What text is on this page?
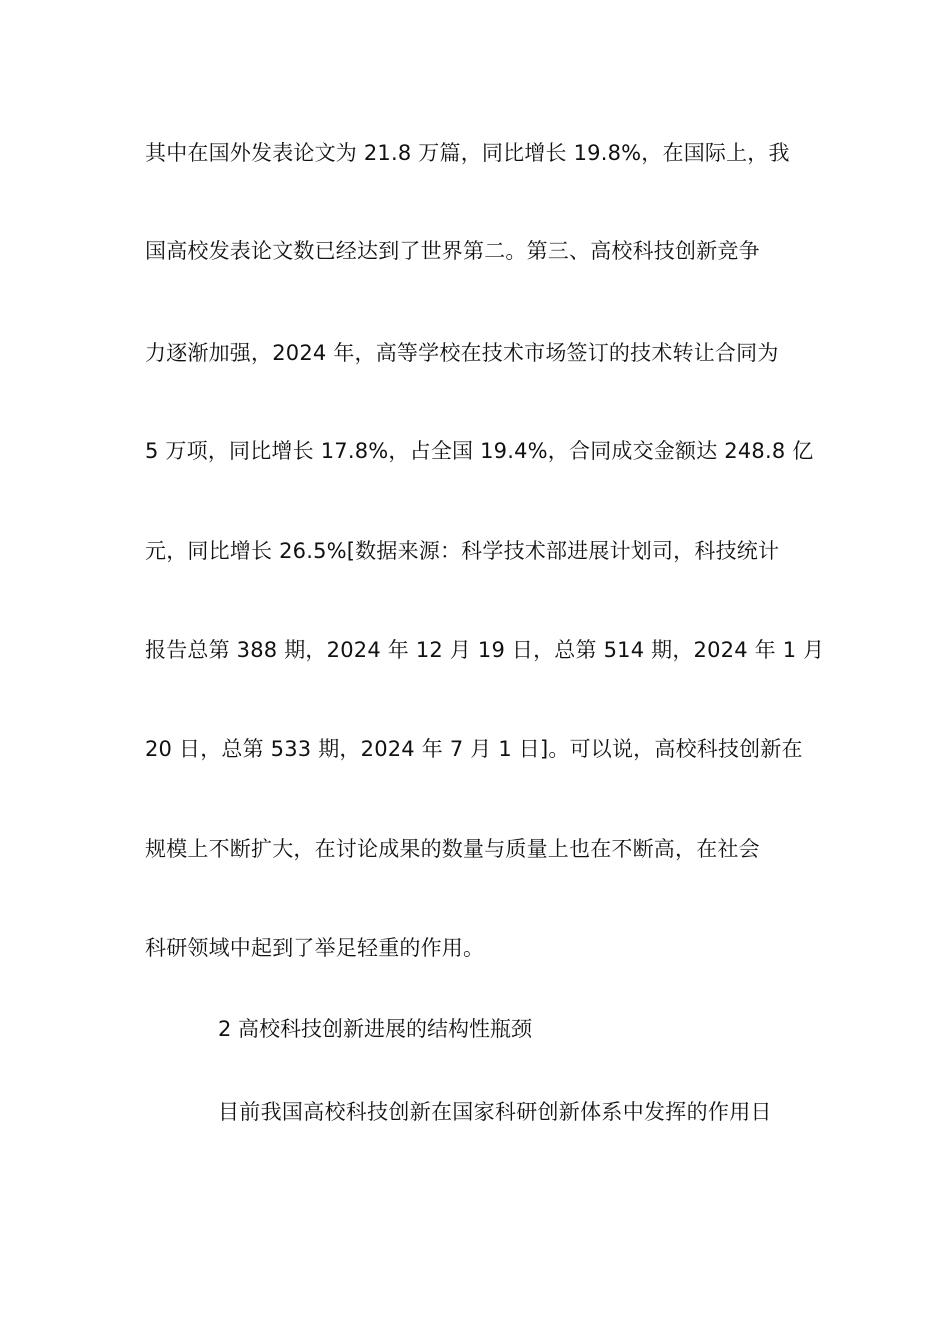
其中在国外发表论文为 21.8 万篇，同比增长 19.8%，在国际上，我
国高校发表论文数已经达到了世界第二。第三、高校科技创新竞争
力逐渐加强，2024 年，高等学校在技术市场签订的技术转让合同为
5 万项，同比增长 17.8%，占全国 19.4%，合同成交金额达 248.8 亿
元，同比增长 26.5%[数据来源：科学技术部进展计划司，科技统计
报告总第 388 期，2024 年 12 月 19 日，总第 514 期，2024 年 1 月
20 日，总第 533 期，2024 年 7 月 1 日]。可以说，高校科技创新在
规模上不断扩大，在讨论成果的数量与质量上也在不断高，在社会
科研领域中起到了举足轻重的作用。
2 高校科技创新进展的结构性瓶颈
目前我国高校科技创新在国家科研创新体系中发挥的作用日
